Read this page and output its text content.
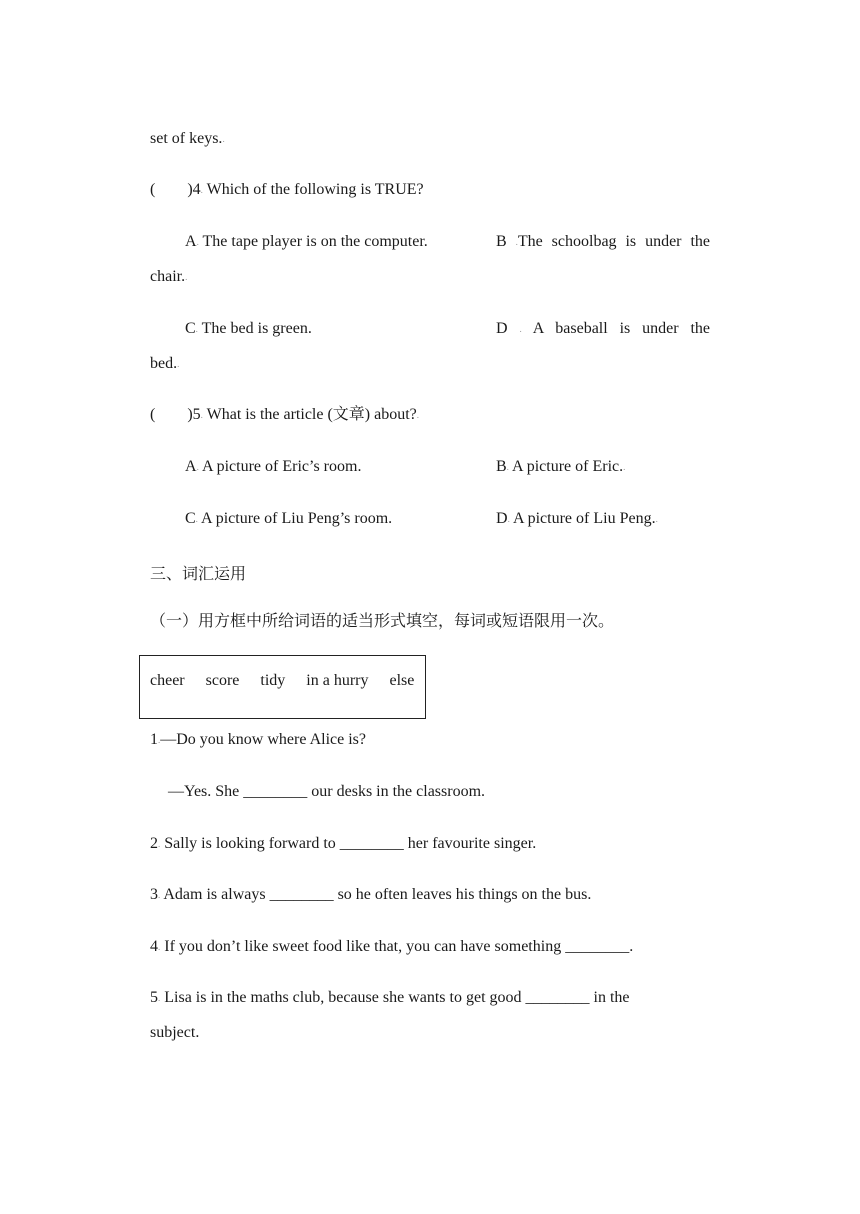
set of keys..
( )4. Which of the following is TRUE?
A. The tape player is on the computer.	B .The schoolbag is under the
chair..
C. The bed is green.	D . A baseball is under the
bed..
( )5. What is the article (文章) about?.
A. A picture of Eric’s room.	B. A picture of Eric..
C. A picture of Liu Peng’s room.	D. A picture of Liu Peng..
三、词汇运用
（一）用方框中所给词语的适当形式填空，每词或短语限用一次。
cheer score tidy in a hurry else
1.—Do you know where Alice is?
—Yes. She ________ our desks in the classroom.
2. Sally is looking forward to ________ her favourite singer.
3. Adam is always ________ so he often leaves his things on the bus.
4. If you don’t like sweet food like that, you can have something ________.
5. Lisa is in the maths club, because she wants to get good ________ in the
subject.
